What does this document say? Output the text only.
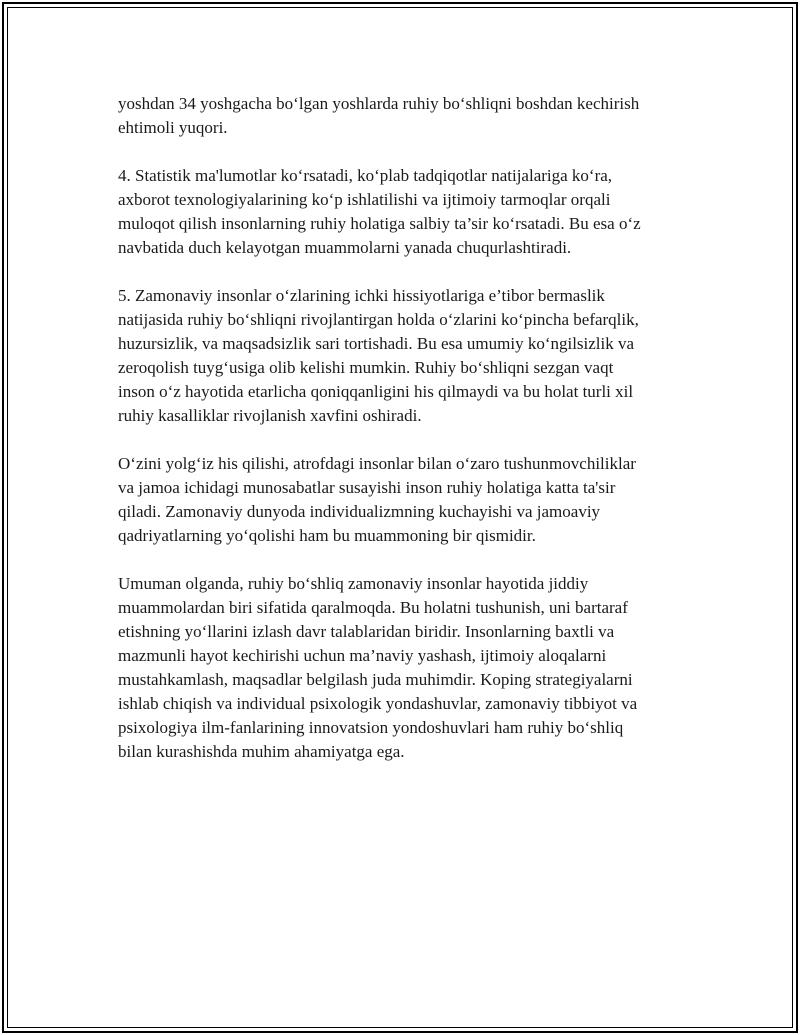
yoshdan 34 yoshgacha bo‘lgan yoshlarda ruhiy bo‘shliqni boshdan kechirish
ehtimoli yuqori.

4. Statistik ma'lumotlar ko‘rsatadi, ko‘plab tadqiqotlar natijalariga ko‘ra,
axborot texnologiyalarining ko‘p ishlatilishi va ijtimoiy tarmoqlar orqali
muloqot qilish insonlarning ruhiy holatiga salbiy ta’sir ko‘rsatadi. Bu esa o‘z
navbatida duch kelayotgan muammolarni yanada chuqurlashtiradi.

5. Zamonaviy insonlar o‘zlarining ichki hissiyotlariga e’tibor bermaslik
natijasida ruhiy bo‘shliqni rivojlantirgan holda o‘zlarini ko‘pincha befarqlik,
huzursizlik, va maqsadsizlik sari tortishadi. Bu esa umumiy ko‘ngilsizlik va
zeroqolish tuyg‘usiga olib kelishi mumkin. Ruhiy bo‘shliqni sezgan vaqt
inson o‘z hayotida etarlicha qoniqqanligini his qilmaydi va bu holat turli xil
ruhiy kasalliklar rivojlanish xavfini oshiradi.

O‘zini yolg‘iz his qilishi, atrofdagi insonlar bilan o‘zaro tushunmovchiliklar
va jamoa ichidagi munosabatlar susayishi inson ruhiy holatiga katta ta'sir
qiladi. Zamonaviy dunyoda individualizmning kuchayishi va jamoaviy
qadriyatlarning yo‘qolishi ham bu muammoning bir qismidir.

Umuman olganda, ruhiy bo‘shliq zamonaviy insonlar hayotida jiddiy
muammolardan biri sifatida qaralmoqda. Bu holatni tushunish, uni bartaraf
etishning yo‘llarini izlash davr talablaridan biridir. Insonlarning baxtli va
mazmunli hayot kechirishi uchun ma’naviy yashash, ijtimoiy aloqalarni
mustahkamlash, maqsadlar belgilash juda muhimdir. Koping strategiyalarni
ishlab chiqish va individual psixologik yondashuvlar, zamonaviy tibbiyot va
psixologiya ilm-fanlarining innovatsion yondoshuvlari ham ruhiy bo‘shliq
bilan kurashishda muhim ahamiyatga ega.
